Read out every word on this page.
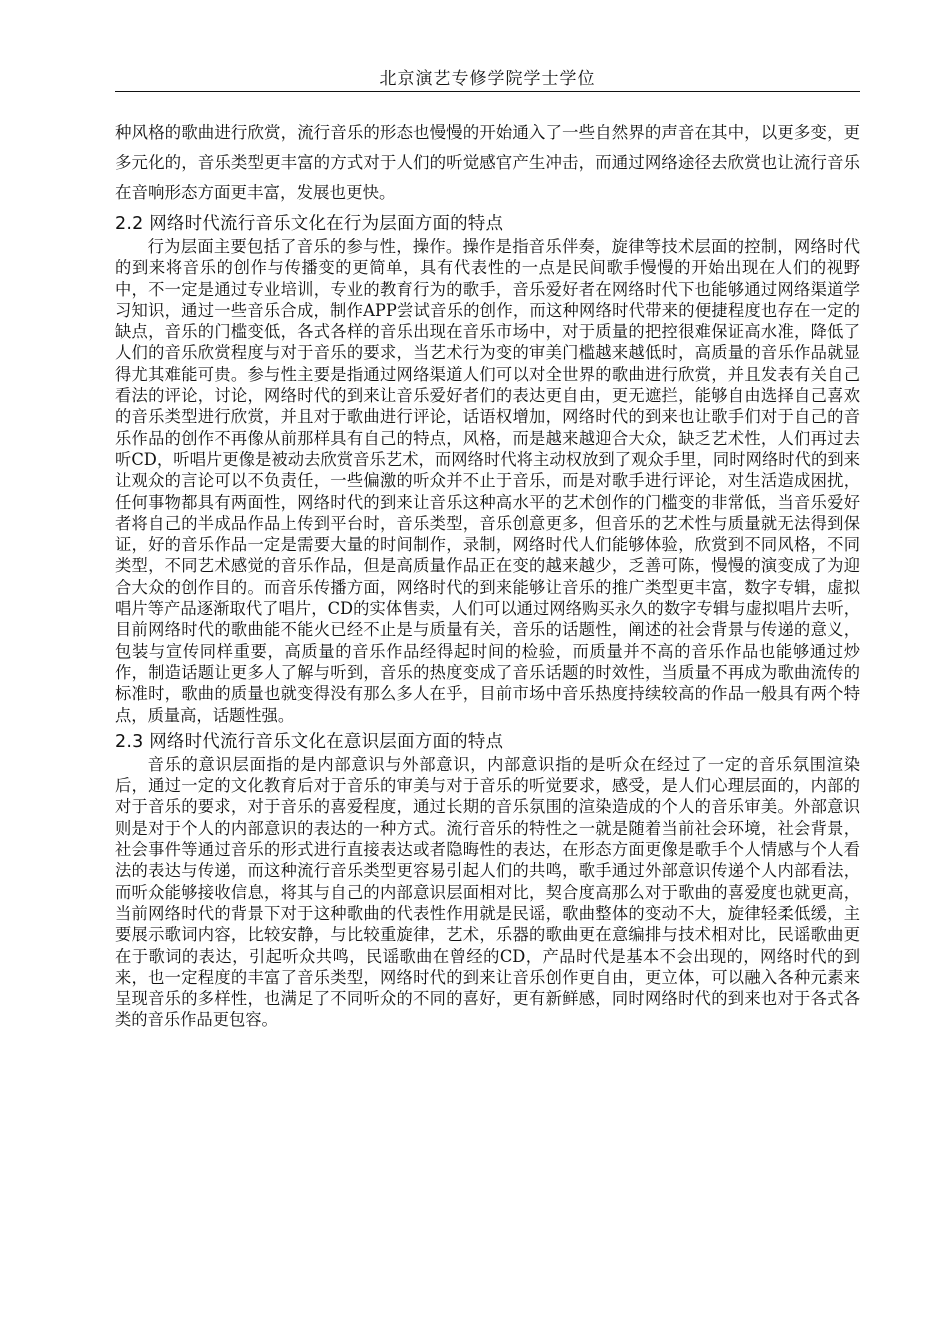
北京演艺专修学院学士学位

种风格的歌曲进行欣赏，流行音乐的形态也慢慢的开始通入了一些自然界的声音在其中，以更多变，更多元化的，音乐类型更丰富的方式对于人们的听觉感官产生冲击，而通过网络途径去欣赏也让流行音乐在音响形态方面更丰富，发展也更快。

2.2 网络时代流行音乐文化在行为层面方面的特点

行为层面主要包括了音乐的参与性，操作。操作是指音乐伴奏，旋律等技术层面的控制，网络时代的到来将音乐的创作与传播变的更简单，具有代表性的一点是民间歌手慢慢的开始出现在人们的视野中，不一定是通过专业培训，专业的教育行为的歌手，音乐爱好者在网络时代下也能够通过网络渠道学习知识，通过一些音乐合成，制作APP尝试音乐的创作，而这种网络时代带来的便捷程度也存在一定的缺点，音乐的门槛变低，各式各样的音乐出现在音乐市场中，对于质量的把控很难保证高水准，降低了人们的音乐欣赏程度与对于音乐的要求，当艺术行为变的审美门槛越来越低时，高质量的音乐作品就显得尤其难能可贵。参与性主要是指通过网络渠道人们可以对全世界的歌曲进行欣赏，并且发表有关自己看法的评论，讨论，网络时代的到来让音乐爱好者们的表达更自由，更无遮拦，能够自由选择自己喜欢的音乐类型进行欣赏，并且对于歌曲进行评论，话语权增加，网络时代的到来也让歌手们对于自己的音乐作品的创作不再像从前那样具有自己的特点，风格，而是越来越迎合大众，缺乏艺术性，人们再过去听CD，听唱片更像是被动去欣赏音乐艺术，而网络时代将主动权放到了观众手里，同时网络时代的到来让观众的言论可以不负责任，一些偏激的听众并不止于音乐，而是对歌手进行评论，对生活造成困扰，任何事物都具有两面性，网络时代的到来让音乐这种高水平的艺术创作的门槛变的非常低，当音乐爱好者将自己的半成品作品上传到平台时，音乐类型，音乐创意更多，但音乐的艺术性与质量就无法得到保证，好的音乐作品一定是需要大量的时间制作，录制，网络时代人们能够体验，欣赏到不同风格，不同类型，不同艺术感觉的音乐作品，但是高质量作品正在变的越来越少，乏善可陈，慢慢的演变成了为迎合大众的创作目的。而音乐传播方面，网络时代的到来能够让音乐的推广类型更丰富，数字专辑，虚拟唱片等产品逐渐取代了唱片，CD的实体售卖，人们可以通过网络购买永久的数字专辑与虚拟唱片去听，目前网络时代的歌曲能不能火已经不止是与质量有关，音乐的话题性，阐述的社会背景与传递的意义，包装与宣传同样重要，高质量的音乐作品经得起时间的检验，而质量并不高的音乐作品也能够通过炒作，制造话题让更多人了解与听到，音乐的热度变成了音乐话题的时效性，当质量不再成为歌曲流传的标准时，歌曲的质量也就变得没有那么多人在乎，目前市场中音乐热度持续较高的作品一般具有两个特点，质量高，话题性强。

2.3 网络时代流行音乐文化在意识层面方面的特点

音乐的意识层面指的是内部意识与外部意识，内部意识指的是听众在经过了一定的音乐氛围渲染后，通过一定的文化教育后对于音乐的审美与对于音乐的听觉要求，感受，是人们心理层面的，内部的对于音乐的要求，对于音乐的喜爱程度，通过长期的音乐氛围的渲染造成的个人的音乐审美。外部意识则是对于个人的内部意识的表达的一种方式。流行音乐的特性之一就是随着当前社会环境，社会背景，社会事件等通过音乐的形式进行直接表达或者隐晦性的表达，在形态方面更像是歌手个人情感与个人看法的表达与传递，而这种流行音乐类型更容易引起人们的共鸣，歌手通过外部意识传递个人内部看法，而听众能够接收信息，将其与自己的内部意识层面相对比，契合度高那么对于歌曲的喜爱度也就更高，当前网络时代的背景下对于这种歌曲的代表性作用就是民谣，歌曲整体的变动不大，旋律轻柔低缓，主要展示歌词内容，比较安静，与比较重旋律，艺术，乐器的歌曲更在意编排与技术相对比，民谣歌曲更在于歌词的表达，引起听众共鸣，民谣歌曲在曾经的CD，产品时代是基本不会出现的，网络时代的到来，也一定程度的丰富了音乐类型，网络时代的到来让音乐创作更自由，更立体，可以融入各种元素来呈现音乐的多样性，也满足了不同听众的不同的喜好，更有新鲜感，同时网络时代的到来也对于各式各类的音乐作品更包容。
